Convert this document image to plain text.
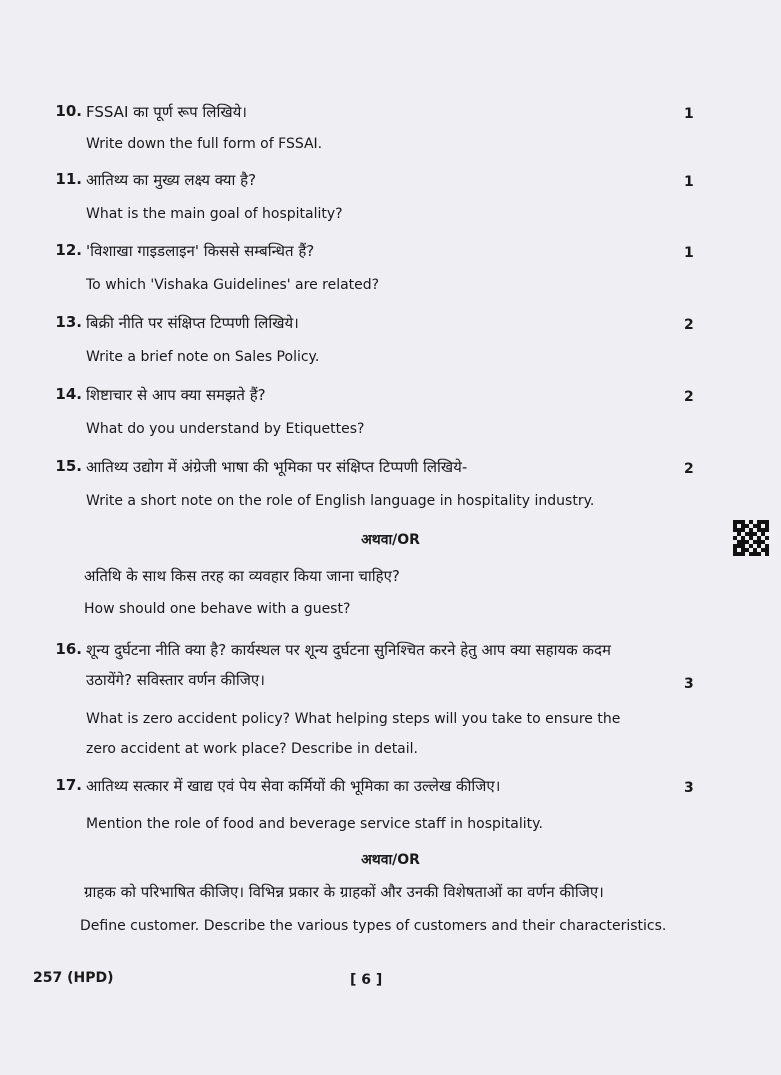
10. FSSAI का पूर्ण रूप लिखिये।
Write down the full form of FSSAI.
1
11. आतिथ्य का मुख्य लक्ष्य क्या है?
What is the main goal of hospitality?
1
12. 'विशाखा गाइडलाइन' किससे सम्बन्धित हैं?
To which 'Vishaka Guidelines' are related?
1
13. बिक्री नीति पर संक्षिप्त टिप्पणी लिखिये।
Write a brief note on Sales Policy.
2
14. शिष्टाचार से आप क्या समझते हैं?
What do you understand by Etiquettes?
2
15. आतिथ्य उद्योग में अंग्रेजी भाषा की भूमिका पर संक्षिप्त टिप्पणी लिखिये-
Write a short note on the role of English language in hospitality industry.
2
अथवा/OR
अतिथि के साथ किस तरह का व्यवहार किया जाना चाहिए?
How should one behave with a guest?
16. शून्य दुर्घटना नीति क्या है? कार्यस्थल पर शून्य दुर्घटना सुनिश्चित करने हेतु आप क्या सहायक कदम
उठायेंगे? सविस्तार वर्णन कीजिए।	3
What is zero accident policy? What helping steps will you take to ensure the
zero accident at work place? Describe in detail.
17. आतिथ्य सत्कार में खाद्य एवं पेय सेवा कर्मियों की भूमिका का उल्लेख कीजिए।	3
Mention the role of food and beverage service staff in hospitality.
अथवा/OR
ग्राहक को परिभाषित कीजिए। विभिन्न प्रकार के ग्राहकों और उनकी विशेषताओं का वर्णन कीजिए।
Define customer. Describe the various types of customers and their characteristics.
257 (HPD)	[ 6 ]
